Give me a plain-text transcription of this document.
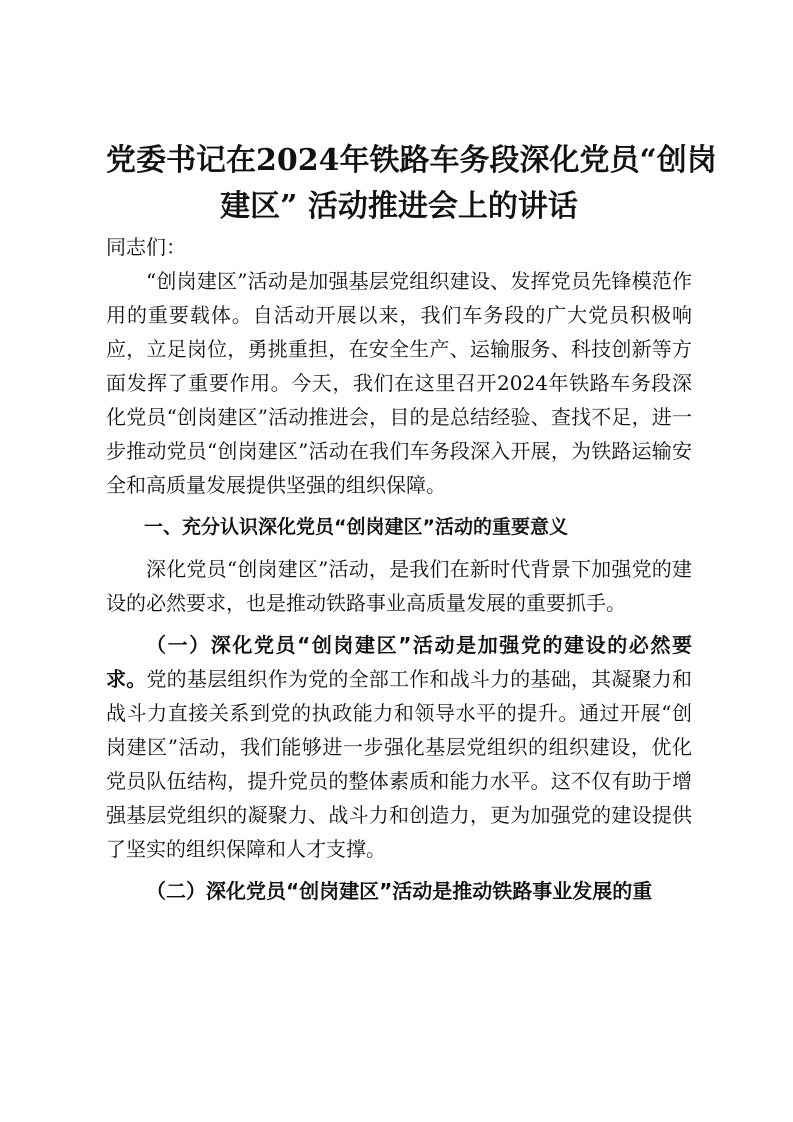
党委书记在2024年铁路车务段深化党员“创岗
建区” 活动推进会上的讲话

同志们：

“创岗建区”活动是加强基层党组织建设、发挥党员先锋模范作用的重要载体。自活动开展以来，我们车务段的广大党员积极响应，立足岗位，勇挑重担，在安全生产、运输服务、科技创新等方面发挥了重要作用。今天，我们在这里召开2024年铁路车务段深化党员“创岗建区”活动推进会，目的是总结经验、查找不足，进一步推动党员“创岗建区”活动在我们车务段深入开展，为铁路运输安全和高质量发展提供坚强的组织保障。

一、充分认识深化党员“创岗建区”活动的重要意义

深化党员“创岗建区”活动，是我们在新时代背景下加强党的建设的必然要求，也是推动铁路事业高质量发展的重要抓手。

（一）深化党员“创岗建区”活动是加强党的建设的必然要求。党的基层组织作为党的全部工作和战斗力的基础，其凝聚力和战斗力直接关系到党的执政能力和领导水平的提升。通过开展“创岗建区”活动，我们能够进一步强化基层党组织的组织建设，优化党员队伍结构，提升党员的整体素质和能力水平。这不仅有助于增强基层党组织的凝聚力、战斗力和创造力，更为加强党的建设提供了坚实的组织保障和人才支撑。

（二）深化党员“创岗建区”活动是推动铁路事业发展的重
